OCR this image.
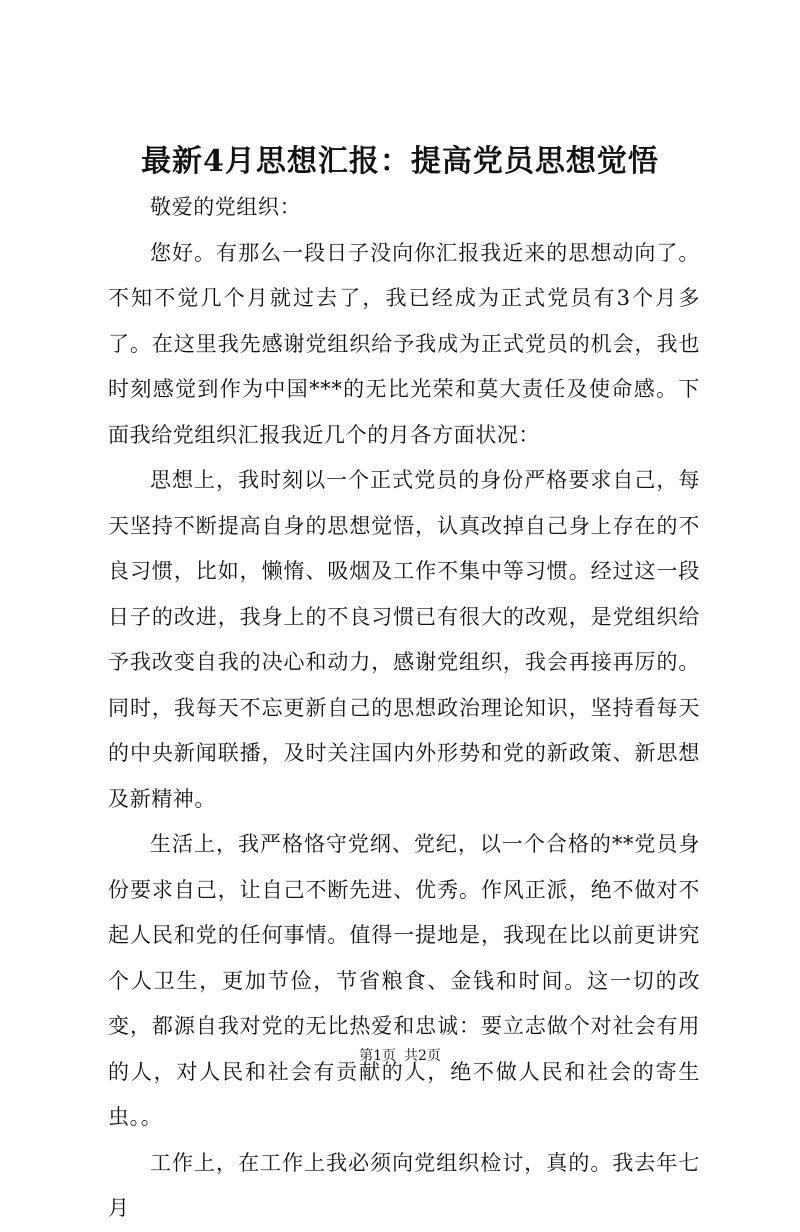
最新4月思想汇报：提高党员思想觉悟

敬爱的党组织：

您好。有那么一段日子没向你汇报我近来的思想动向了。不知不觉几个月就过去了，我已经成为正式党员有3个月多了。在这里我先感谢党组织给予我成为正式党员的机会，我也时刻感觉到作为中国***的无比光荣和莫大责任及使命感。下面我给党组织汇报我近几个的月各方面状况：

思想上，我时刻以一个正式党员的身份严格要求自己，每天坚持不断提高自身的思想觉悟，认真改掉自己身上存在的不良习惯，比如，懒惰、吸烟及工作不集中等习惯。经过这一段日子的改进，我身上的不良习惯已有很大的改观，是党组织给予我改变自我的决心和动力，感谢党组织，我会再接再厉的。同时，我每天不忘更新自己的思想政治理论知识，坚持看每天的中央新闻联播，及时关注国内外形势和党的新政策、新思想及新精神。

生活上，我严格恪守党纲、党纪，以一个合格的**党员身份要求自己，让自己不断先进、优秀。作风正派，绝不做对不起人民和党的任何事情。值得一提地是，我现在比以前更讲究个人卫生，更加节俭，节省粮食、金钱和时间。这一切的改变，都源自我对党的无比热爱和忠诚：要立志做个对社会有用的人，对人民和社会有贡献的人，绝不做人民和社会的寄生虫。。

工作上，在工作上我必须向党组织检讨，真的。我去年七月

第1页 共2页
